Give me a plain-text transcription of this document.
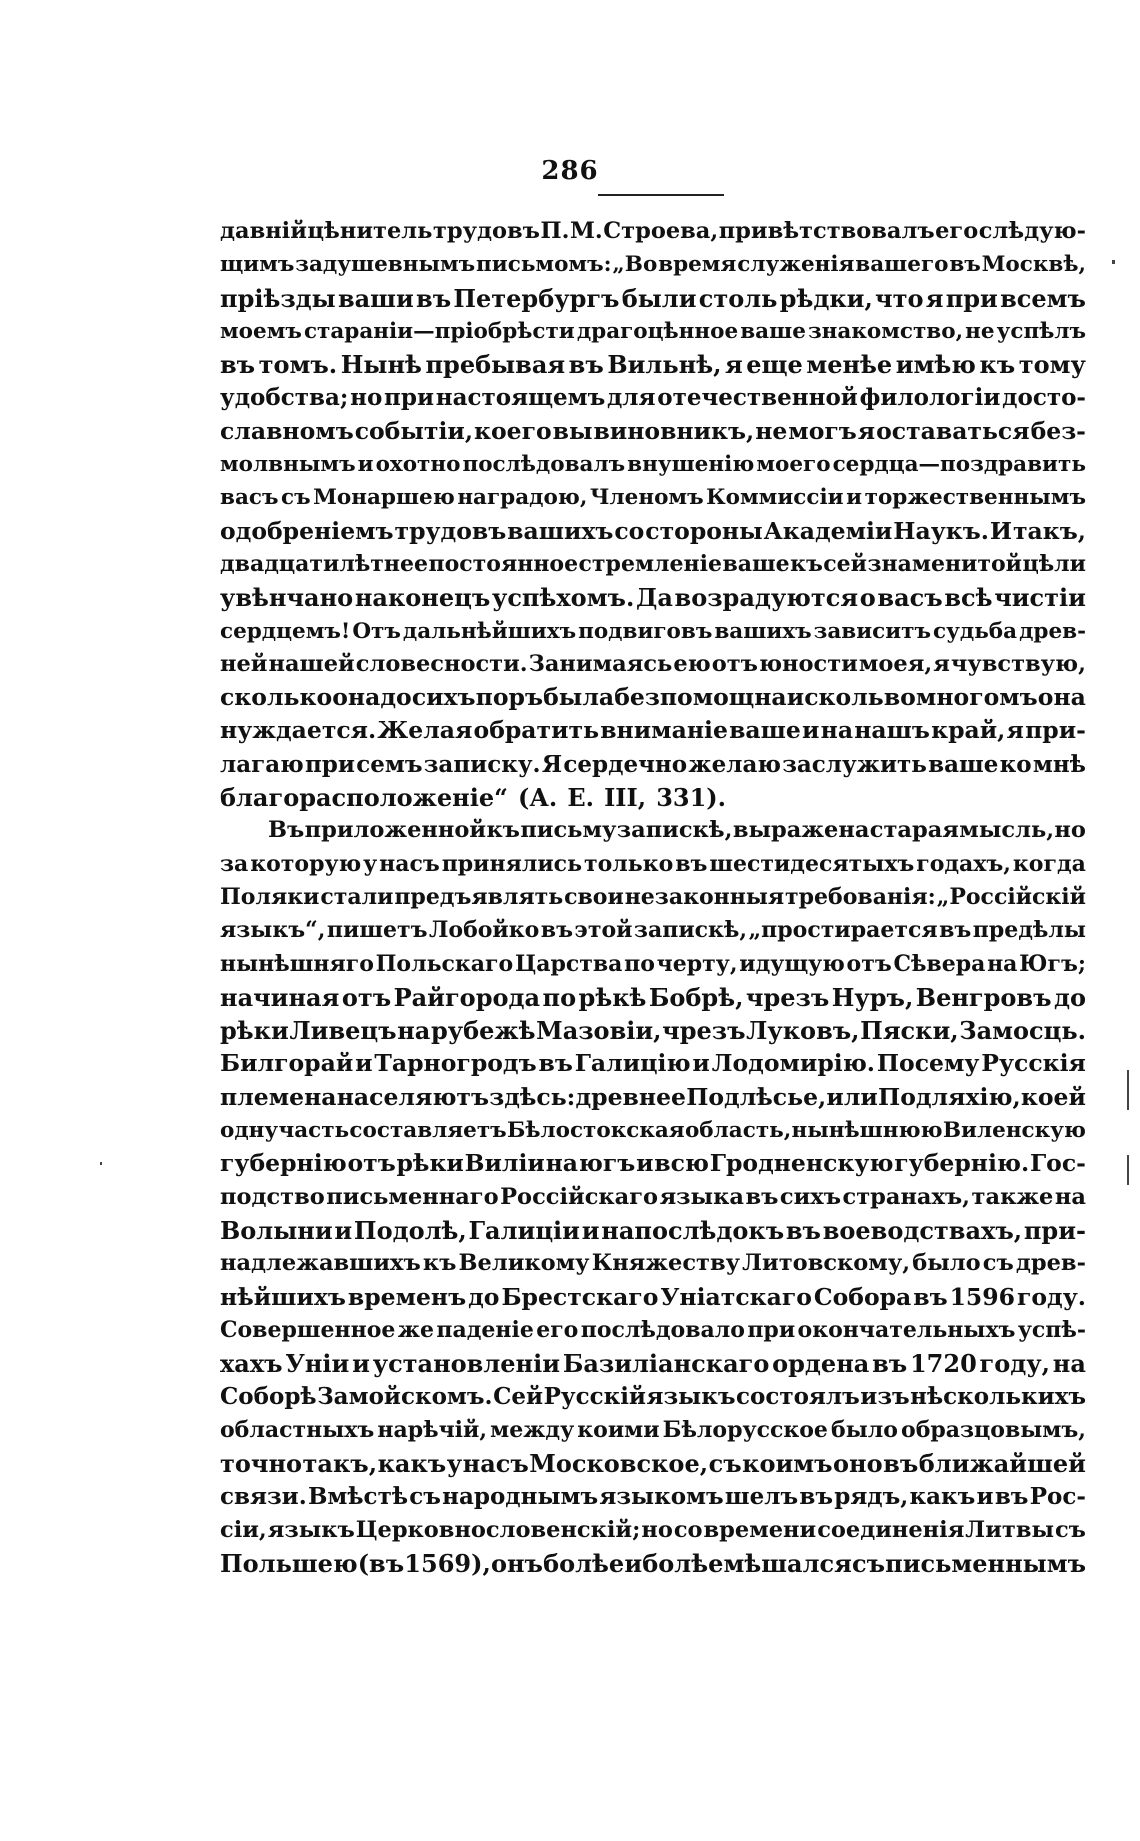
286
давній цѣнитель трудовъ П. М. Строева, привѣтствовалъ его слѣдую-
щимъ задушевнымъ письмомъ: „Во время служенія вашего въ Москвѣ,
пріѣзды ваши въ Петербургъ были столь рѣдки, что я при всемъ
моемъ стараніи—пріобрѣсти драгоцѣнное ваше знакомство, не успѣлъ
въ томъ. Нынѣ пребывая въ Вильнѣ, я еще менѣе имѣю къ тому
удобства; но при настоящемъ для отечественной филологіи досто-
славномъ событіи, коего вы виновникъ, не могъ я оставаться без-
молвнымъ и охотно послѣдовалъ внушенію моего сердца—поздравить
васъ съ Монаршею наградою, Членомъ Коммиссіи и торжественнымъ
одобреніемъ трудовъ вашихъ со стороны Академіи Наукъ. И такъ,
двадцатилѣтнее постоянное стремленіе ваше къ сей знаменитой цѣли
увѣнчано наконецъ успѣхомъ. Да возрадуются о васъ всѣ чистіи
сердцемъ! Отъ дальнѣйшихъ подвиговъ вашихъ зависитъ судьба древ-
ней нашей словесности. Занимаясь ею отъ юности моея, я чувствую,
сколько она до сихъ поръ была безпомощна и сколь во многомъ она
нуждается. Желая обратить вниманіе ваше и на нашъ край, я при-
лагаю при семъ записку. Я сердечно желаю заслужить ваше ко мнѣ
благорасположеніе“ (А. Е. III, 331).
Въ приложенной къ письму запискѣ, выражена старая мысль, но
за которую у насъ принялись только въ шестидесятыхъ годахъ, когда
Поляки стали предъявлять свои незаконныя требованія: „Россійскій
языкъ“, пишетъ Лобойко въ этой запискѣ, „простирается въ предѣлы
нынѣшняго Польскаго Царства по черту, идущую отъ Сѣвера на Югъ;
начиная отъ Райгорода по рѣкѣ Бобрѣ, чрезъ Нуръ, Венгровъ до
рѣки Ливецъ на рубежѣ Мазовіи, чрезъ Луковъ, Пяски, Замосць.
Билгорай и Тарногродъ въ Галицію и Лодомирію. Посему Русскія
племена населяютъ здѣсь: древнее Подлѣсье, или Подляхію, коей
одну часть составляетъ Бѣлостокская область, нынѣшнюю Виленскую
губернію отъ рѣки Виліи на югъ и всю Гродненскую губернію. Гос-
подство письменнаго Россійскаго языка въ сихъ странахъ, также на
Волыни и Подолѣ, Галиціи и напослѣдокъ въ воеводствахъ, при-
надлежавшихъ къ Великому Княжеству Литовскому, было съ древ-
нѣйшихъ временъ до Брестскаго Уніатскаго Собора въ 1596 году.
Совершенное же паденіе его послѣдовало при окончательныхъ успѣ-
хахъ Уніи и установленіи Базиліанскаго ордена въ 1720 году, на
Соборѣ Замойскомъ. Сей Русскій языкъ состоялъ изъ нѣсколькихъ
областныхъ нарѣчій, между коими Бѣлорусское было образцовымъ,
точно такъ, какъ у насъ Московское, съ коимъ оно въ ближайшей
связи. Вмѣстѣ съ народнымъ языкомъ шелъ въ рядъ, какъ и въ Рос-
сіи, языкъ Церковнословенскій; но со времени соединенія Литвы съ
Польшею (въ 1569), онъ болѣе и болѣе мѣшался съ письменнымъ
